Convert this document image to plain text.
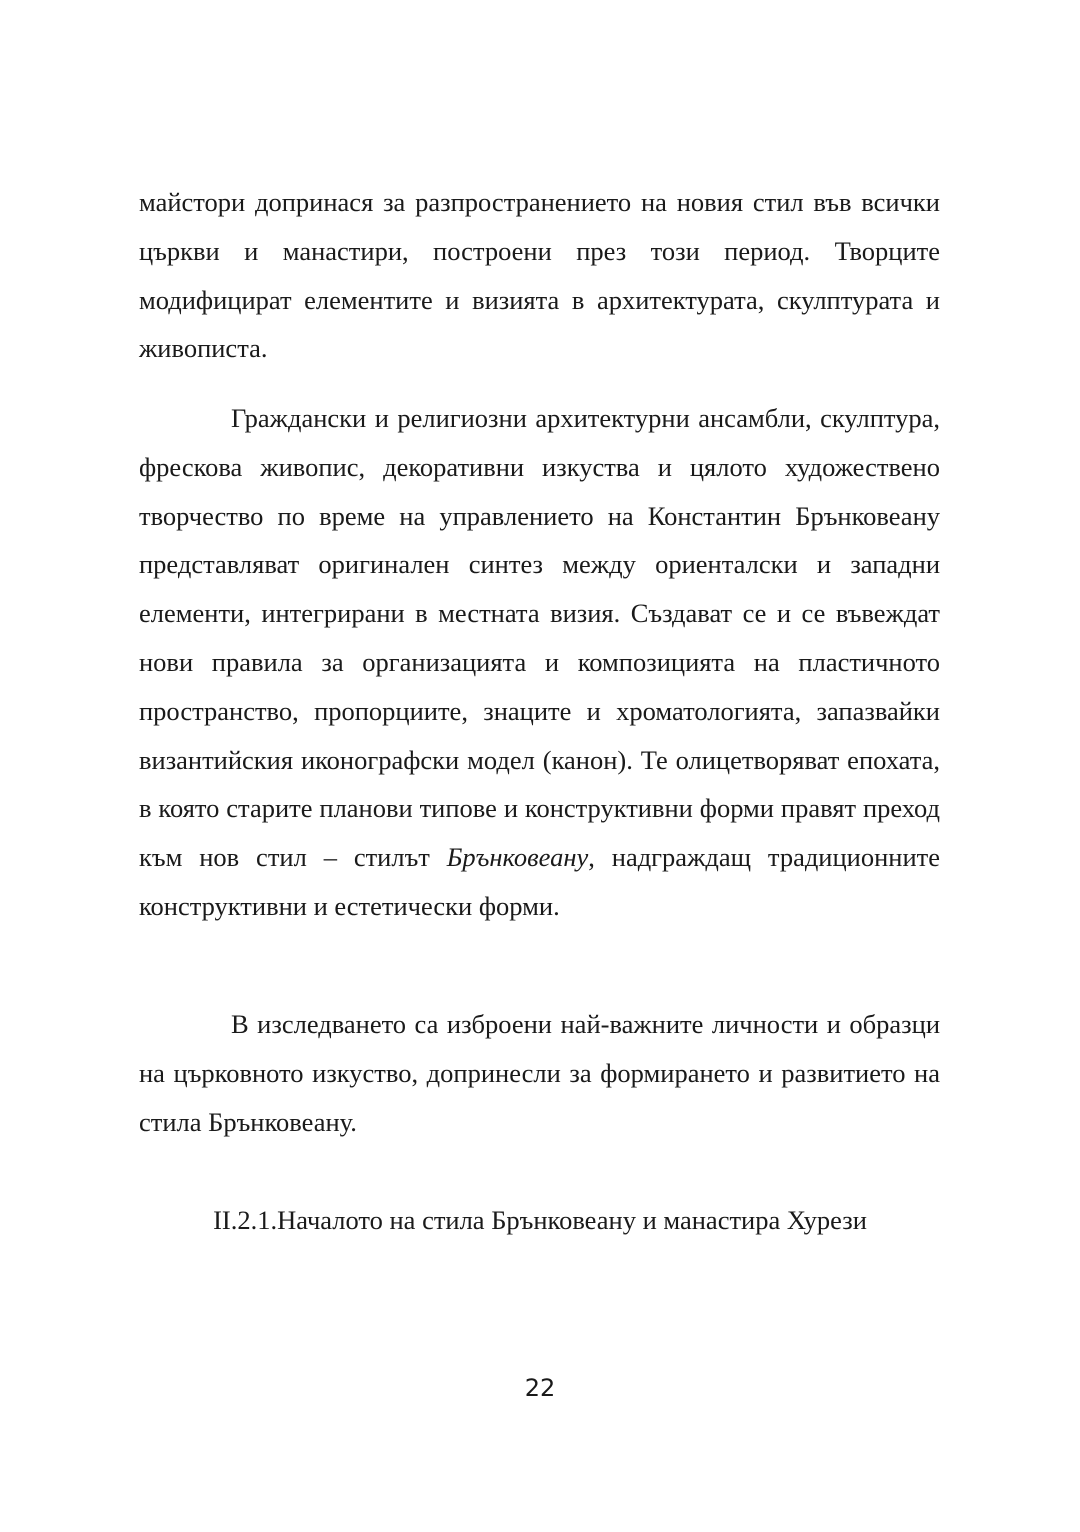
майстори допринася за разпространението на новия стил във всички църкви и манастири, построени през този период. Творците модифицират елементите и визията в архитектурата, скулптурата и живописта.

Граждански и религиозни архитектурни ансамбли, скулптура, фрескова живопис, декоративни изкуства и цялото художествено творчество по време на управлението на Константин Брънковеану представляват оригинален синтез между ориенталски и западни елементи, интегрирани в местната визия. Създават се и се въвеждат нови правила за организацията и композицията на пластичното пространство, пропорциите, знаците и хроматологията, запазвайки византийския иконографски модел (канон). Те олицетворяват епохата, в която старите планови типове и конструктивни форми правят преход към нов стил – стилът Брънковеану, надграждащ традиционните конструктивни и естетически форми.

В изследването са изброени най-важните личности и образци на църковното изкуство, допринесли за формирането и развитието на стила Брънковеану.

II.2.1.Началото на стила Брънковеану и манастира Хурези
22
